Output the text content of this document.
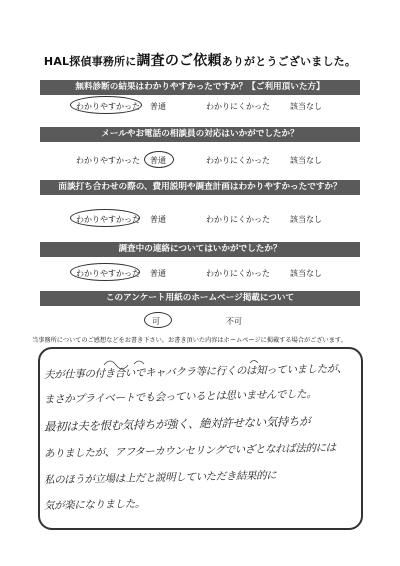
HAL探偵事務所に調査のご依頼ありがとうございました。
無料診断の結果はわかりやすかったですか？【ご利用頂いた方】
わかりやすかった 普通	わかりにくかった	該当なし
メールやお電話の相談員の対応はいかがでしたか？
わかりやすかった 普通	わかりにくかった	該当なし
面談打ち合わせの際の、費用説明や調査計画はわかりやすかったですか？
わかりやすかった 普通	わかりにくかった	該当なし
調査中の連絡についてはいかがでしたか？
わかりやすかった 普通	わかりにくかった	該当なし
このアンケート用紙のホームページ掲載について
可	不可
当事務所についてのご感想などをお書き下さい。お書き頂いた内容はホームページに掲載する場合がございます。
夫が仕事の付き合いでキャバクラ等に行くのは知っていましたが、
まさかプライベートでも会っているとは思いませんでした。
最初は夫を恨む気持ちが強く、絶対許せない気持ちが
ありましたが、アフターカウンセリングでいざとなれば法的には
私のほうが立場は上だと説明していただき結果的に
気が楽になりました。
